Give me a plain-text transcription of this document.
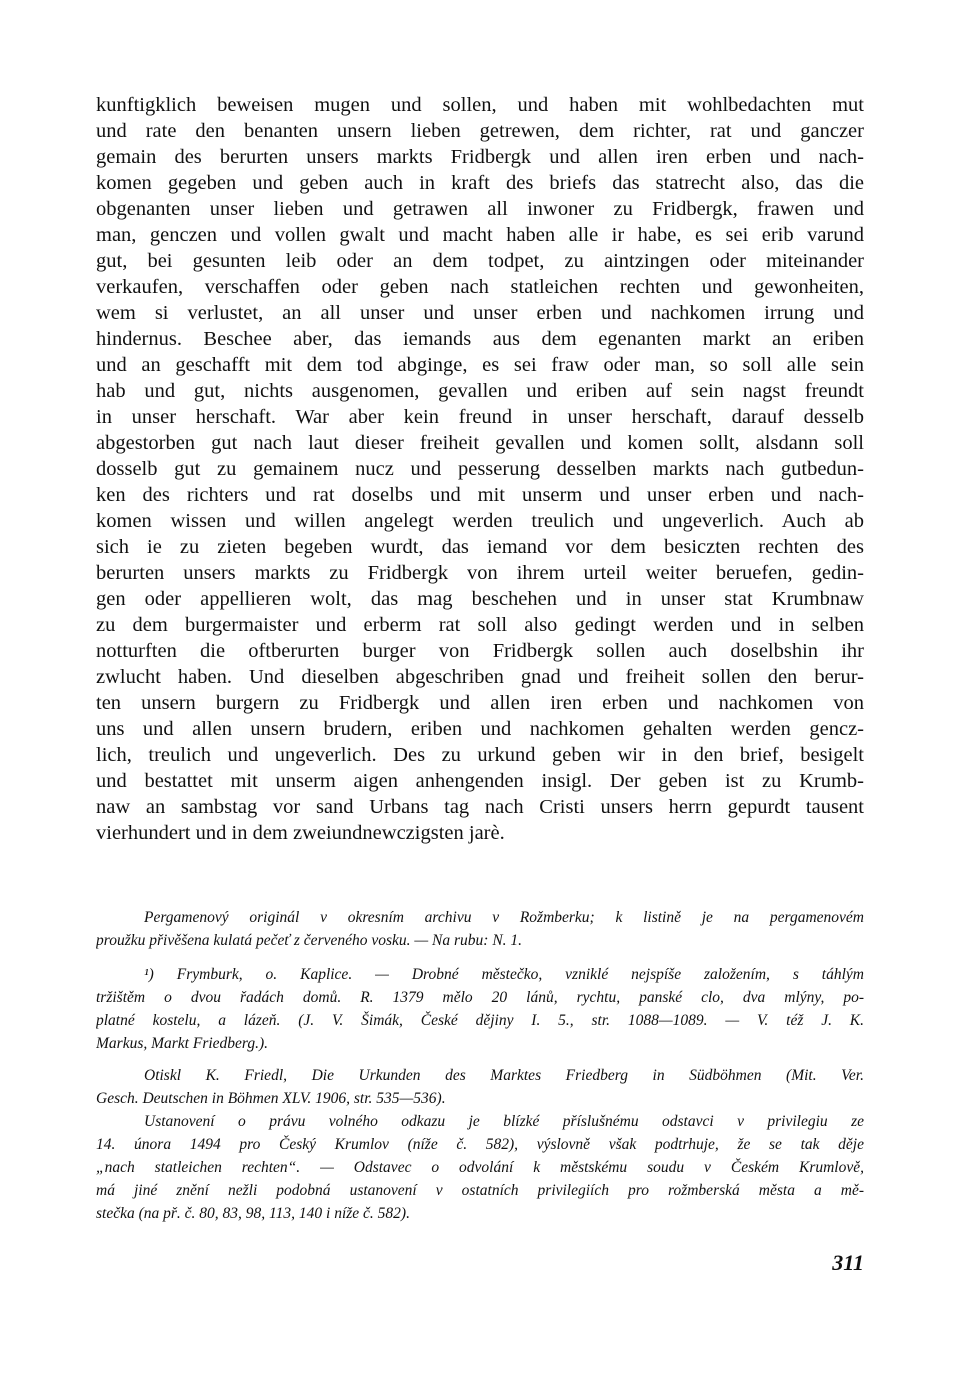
kunftigklich beweisen mugen und sollen, und haben mit wohlbedachten mut
und rate den benanten unsern lieben getrewen, dem richter, rat und ganczer
gemain des berurten unsers markts Fridbergk und allen iren erben und nach-
komen gegeben und geben auch in kraft des briefs das statrecht also, das die
obgenanten unser lieben und getrawen all inwoner zu Fridbergk, frawen und
man, genczen und vollen gwalt und macht haben alle ir habe, es sei erib varund
gut, bei gesunten leib oder an dem todpet, zu aintzingen oder miteinander
verkaufen, verschaffen oder geben nach statleichen rechten und gewonheiten,
wem si verlustet, an all unser und unser erben und nachkomen irrung und
hindernus. Beschee aber, das iemands aus dem egenanten markt an eriben
und an geschafft mit dem tod abginge, es sei fraw oder man, so soll alle sein
hab und gut, nichts ausgenomen, gevallen und eriben auf sein nagst freundt
in unser herschaft. War aber kein freund in unser herschaft, darauf desselb
abgestorben gut nach laut dieser freiheit gevallen und komen sollt, alsdann soll
dosselb gut zu gemainem nucz und pesserung desselben markts nach gutbedun-
ken des richters und rat doselbs und mit unserm und unser erben und nach-
komen wissen und willen angelegt werden treulich und ungeverlich. Auch ab
sich ie zu zieten begeben wurdt, das iemand vor dem besiczten rechten des
berurten unsers markts zu Fridbergk von ihrem urteil weiter beruefen, gedin-
gen oder appellieren wolt, das mag beschehen und in unser stat Krumbnaw
zu dem burgermaister und erberm rat soll also gedingt werden und in selben
notturften die oftberurten burger von Fridbergk sollen auch doselbshin ihr
zwlucht haben. Und dieselben abgeschriben gnad und freiheit sollen den berur-
ten unsern burgern zu Fridbergk und allen iren erben und nachkomen von
uns und allen unsern brudern, eriben und nachkomen gehalten werden gencz-
lich, treulich und ungeverlich. Des zu urkund geben wir in den brief, besigelt
und bestattet mit unserm aigen anhengenden insigl. Der geben ist zu Krumb-
naw an sambstag vor sand Urbans tag nach Cristi unsers herrn gepurdt tausent
vierhundert und in dem zweiundnewczigsten jarè.
Pergamenový originál v okresním archivu v Rožmberku; k listině je na pergamenovém
proužku přivěšena kulatá pečeť z červeného vosku. — Na rubu: N. 1.
¹) Frymburk, o. Kaplice. — Drobné městečko, vzniklé nejspíše založením, s táhlým
tržištěm o dvou řadách domů. R. 1379 mělo 20 lánů, rychtu, panské clo, dva mlýny, po-
platné kostelu, a lázeň. (J. V. Šimák, České dějiny I. 5., str. 1088—1089. — V. též J. K.
Markus, Markt Friedberg.).
Otiskl K. Friedl, Die Urkunden des Marktes Friedberg in Südböhmen (Mit. Ver.
Gesch. Deutschen in Böhmen XLV. 1906, str. 535—536).
Ustanovení o právu volného odkazu je blízké příslušnému odstavci v privilegiu ze
14. února 1494 pro Český Krumlov (níže č. 582), výslovně však podtrhuje, že se tak děje
„nach statleichen rechten“. — Odstavec o odvolání k městskému soudu v Českém Krumlově,
má jiné znění nežli podobná ustanovení v ostatních privilegiích pro rožmberská města a mě-
stečka (na př. č. 80, 83, 98, 113, 140 i níže č. 582).
311
